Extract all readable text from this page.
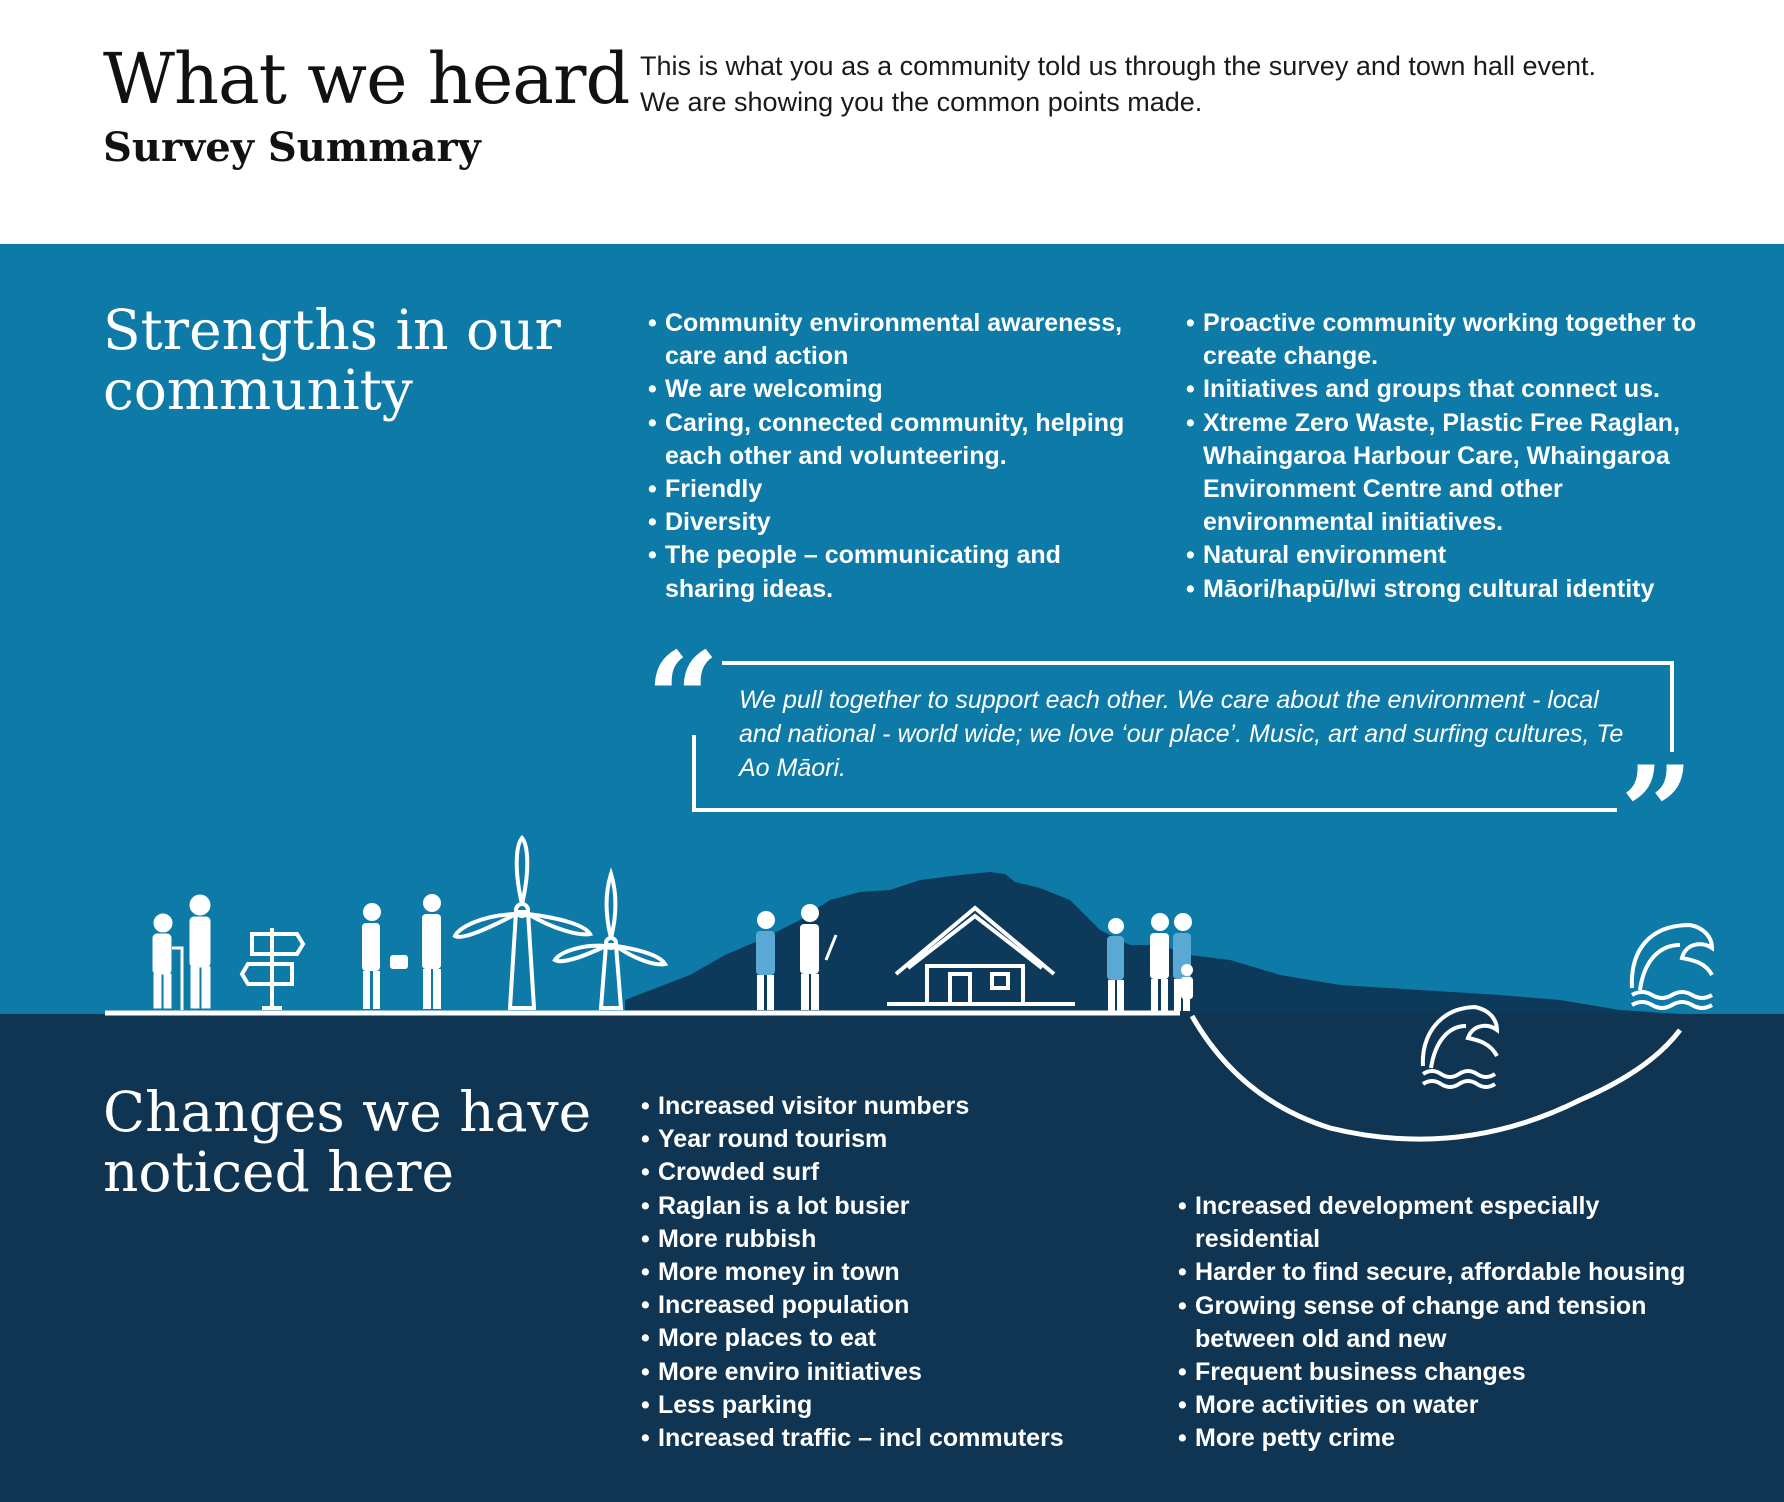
What we heard
Survey Summary

This is what you as a community told us through the survey and town hall event.

We are showing you the common points made.

“
”
Strengths in our community
• Community environmental awareness, care and action
• We are welcoming
• Caring, connected community, helping each other and volunteering.
• Friendly
• Diversity
• The people – communicating and sharing ideas.
• Proactive community working together to create change.
• Initiatives and groups that connect us.
• Xtreme Zero Waste, Plastic Free Raglan, Whaingaroa Harbour Care, Whaingaroa Environment Centre and other environmental initiatives.
• Natural environment
• Māori/hapū/Iwi strong cultural identity

We pull together to support each other. We care about the environment - local and national - world wide; we love ‘our place’. Music, art and surfing cultures, Te Ao Māori.

Changes we have noticed here
• Increased visitor numbers
• Year round tourism
• Crowded surf
• Raglan is a lot busier
• More rubbish
• More money in town
• Increased population
• More places to eat
• More enviro initiatives
• Less parking
• Increased traffic – incl commuters
• Increased development especially residential
• Harder to find secure, affordable housing
• Growing sense of change and tension between old and new
• Frequent business changes
• More activities on water
• More petty crime
